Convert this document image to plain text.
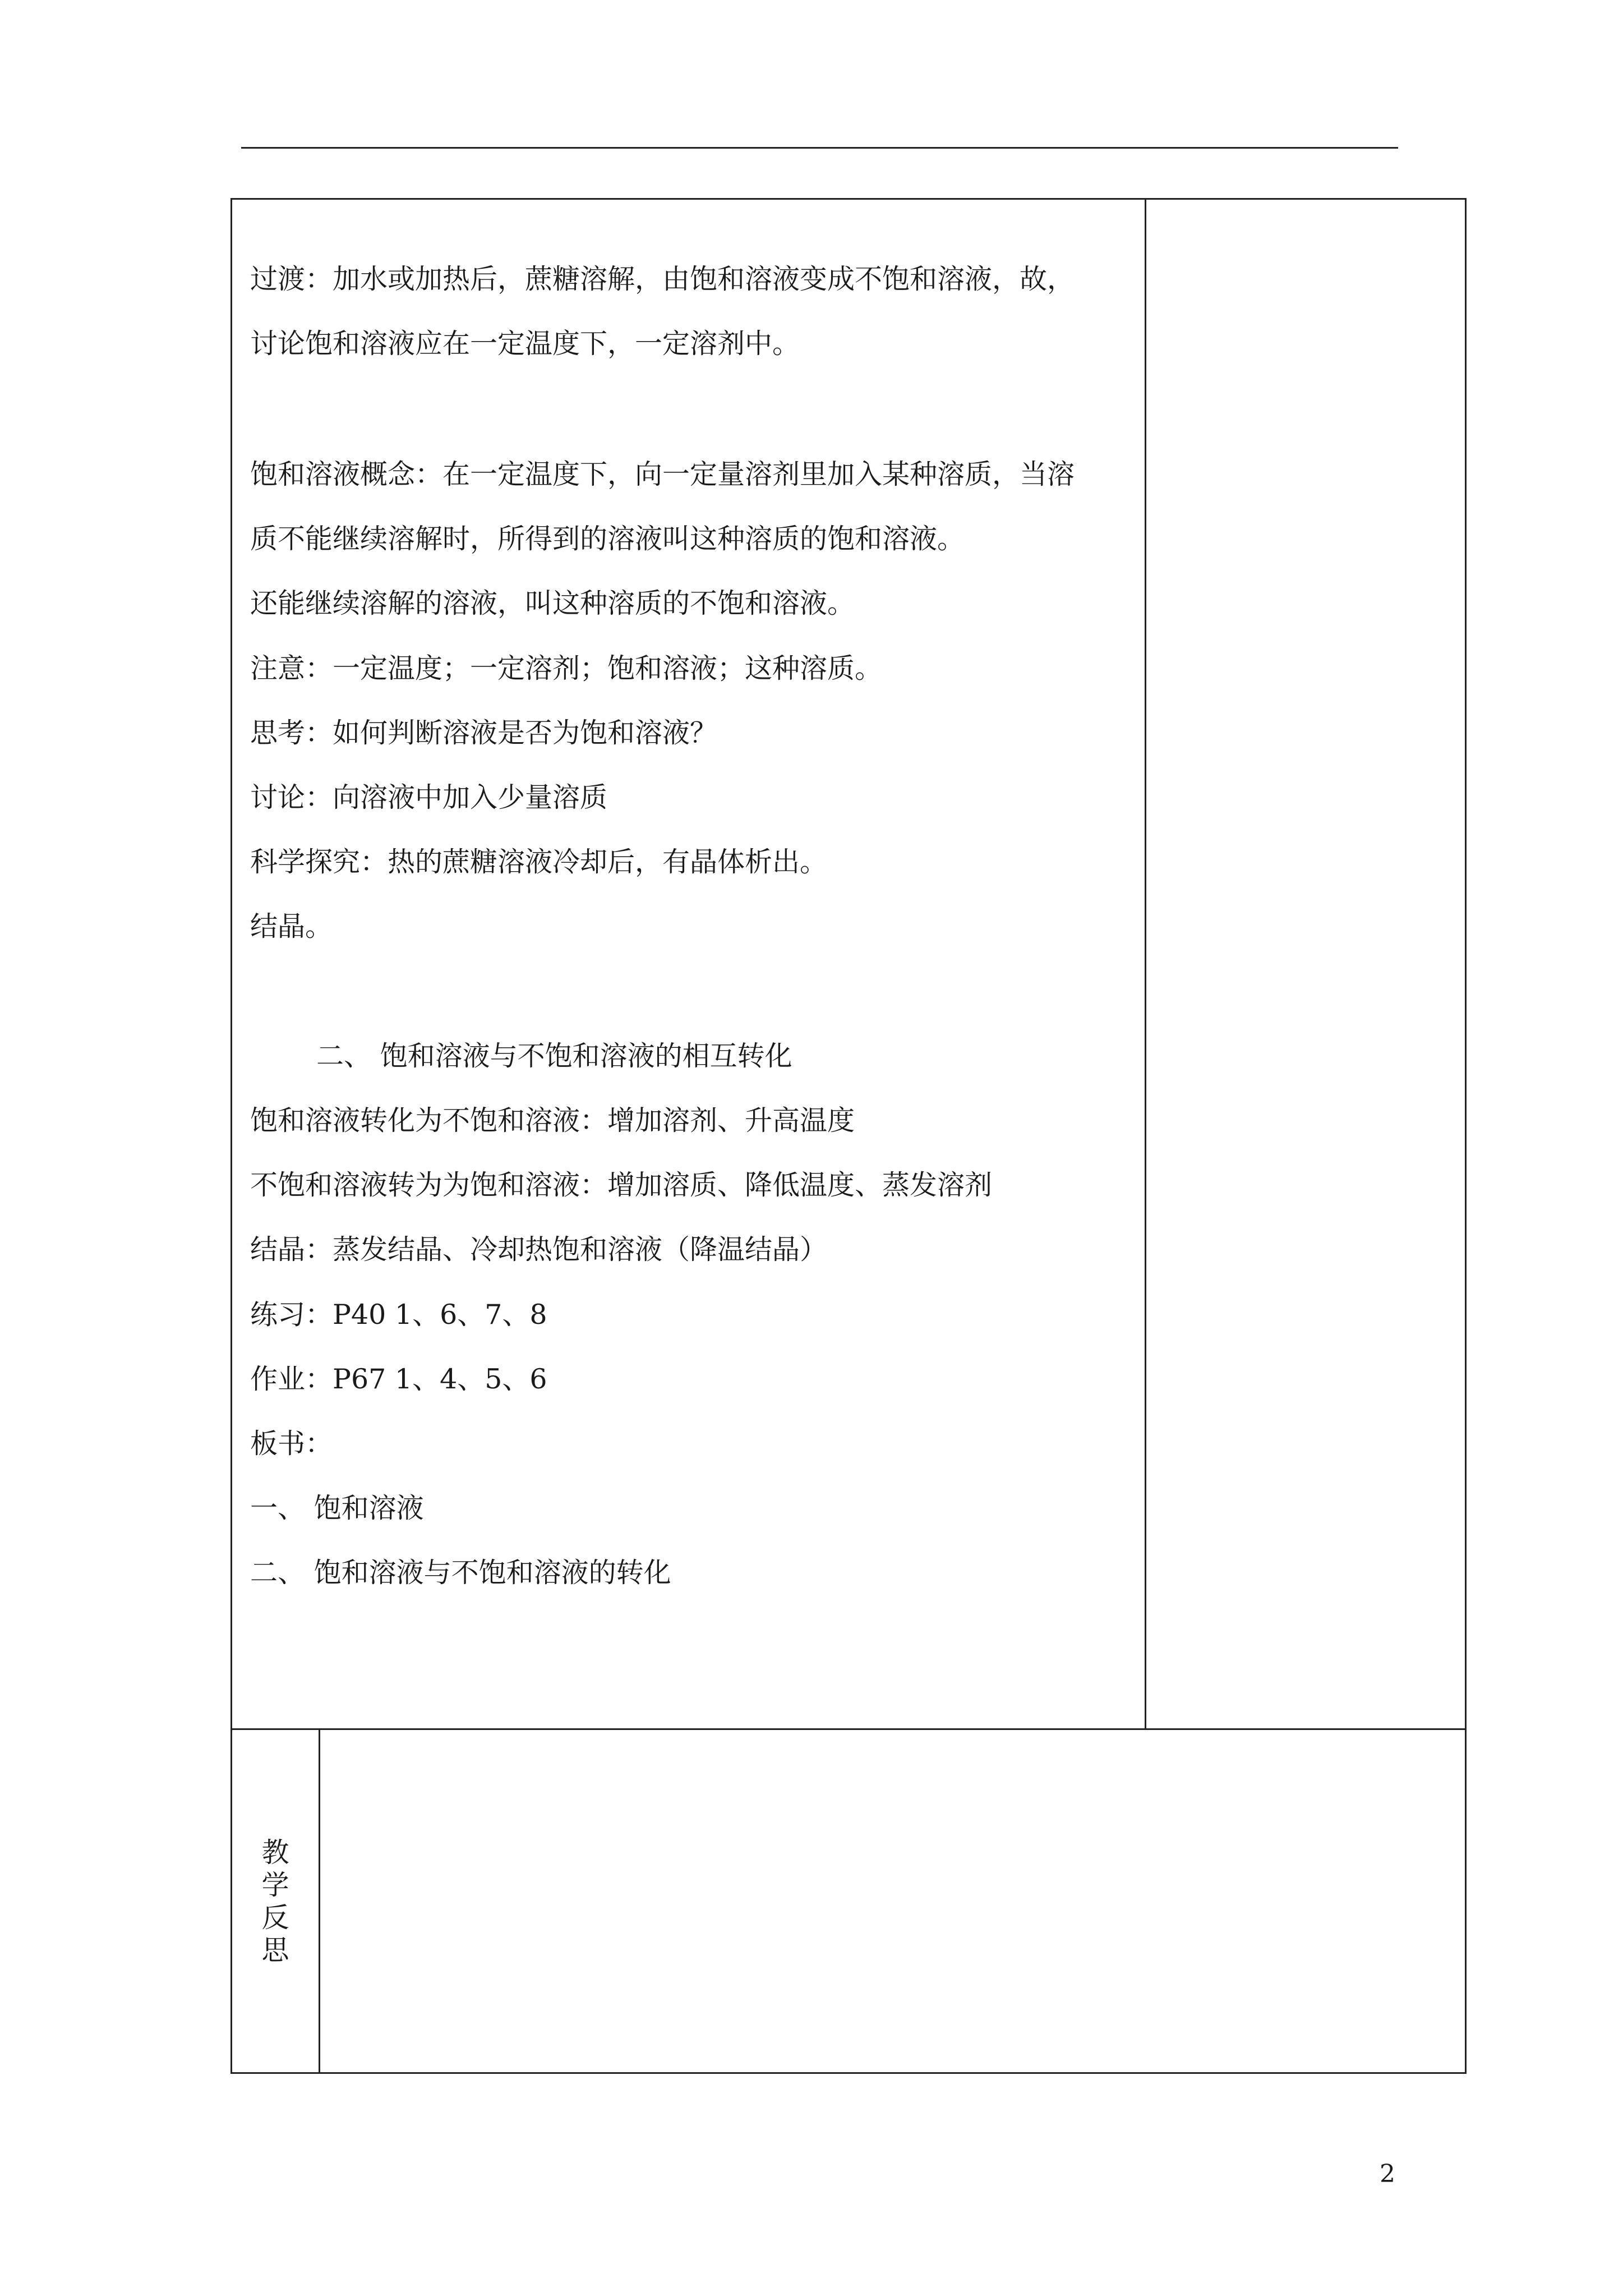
过渡：加水或加热后，蔗糖溶解，由饱和溶液变成不饱和溶液，故，
讨论饱和溶液应在一定温度下，一定溶剂中。
饱和溶液概念：在一定温度下，向一定量溶剂里加入某种溶质，当溶
质不能继续溶解时，所得到的溶液叫这种溶质的饱和溶液。
还能继续溶解的溶液，叫这种溶质的不饱和溶液。
注意：一定温度；一定溶剂；饱和溶液；这种溶质。
思考：如何判断溶液是否为饱和溶液？
讨论：向溶液中加入少量溶质
科学探究：热的蔗糖溶液冷却后，有晶体析出。
结晶。
二、 饱和溶液与不饱和溶液的相互转化
饱和溶液转化为不饱和溶液：增加溶剂、升高温度
不饱和溶液转为为饱和溶液：增加溶质、降低温度、蒸发溶剂
结晶：蒸发结晶、冷却热饱和溶液（降温结晶）
练习：P40 1、6、7、8
作业：P67 1、4、5、6
板书：
一、 饱和溶液
二、 饱和溶液与不饱和溶液的转化
教
学
反
思
2
